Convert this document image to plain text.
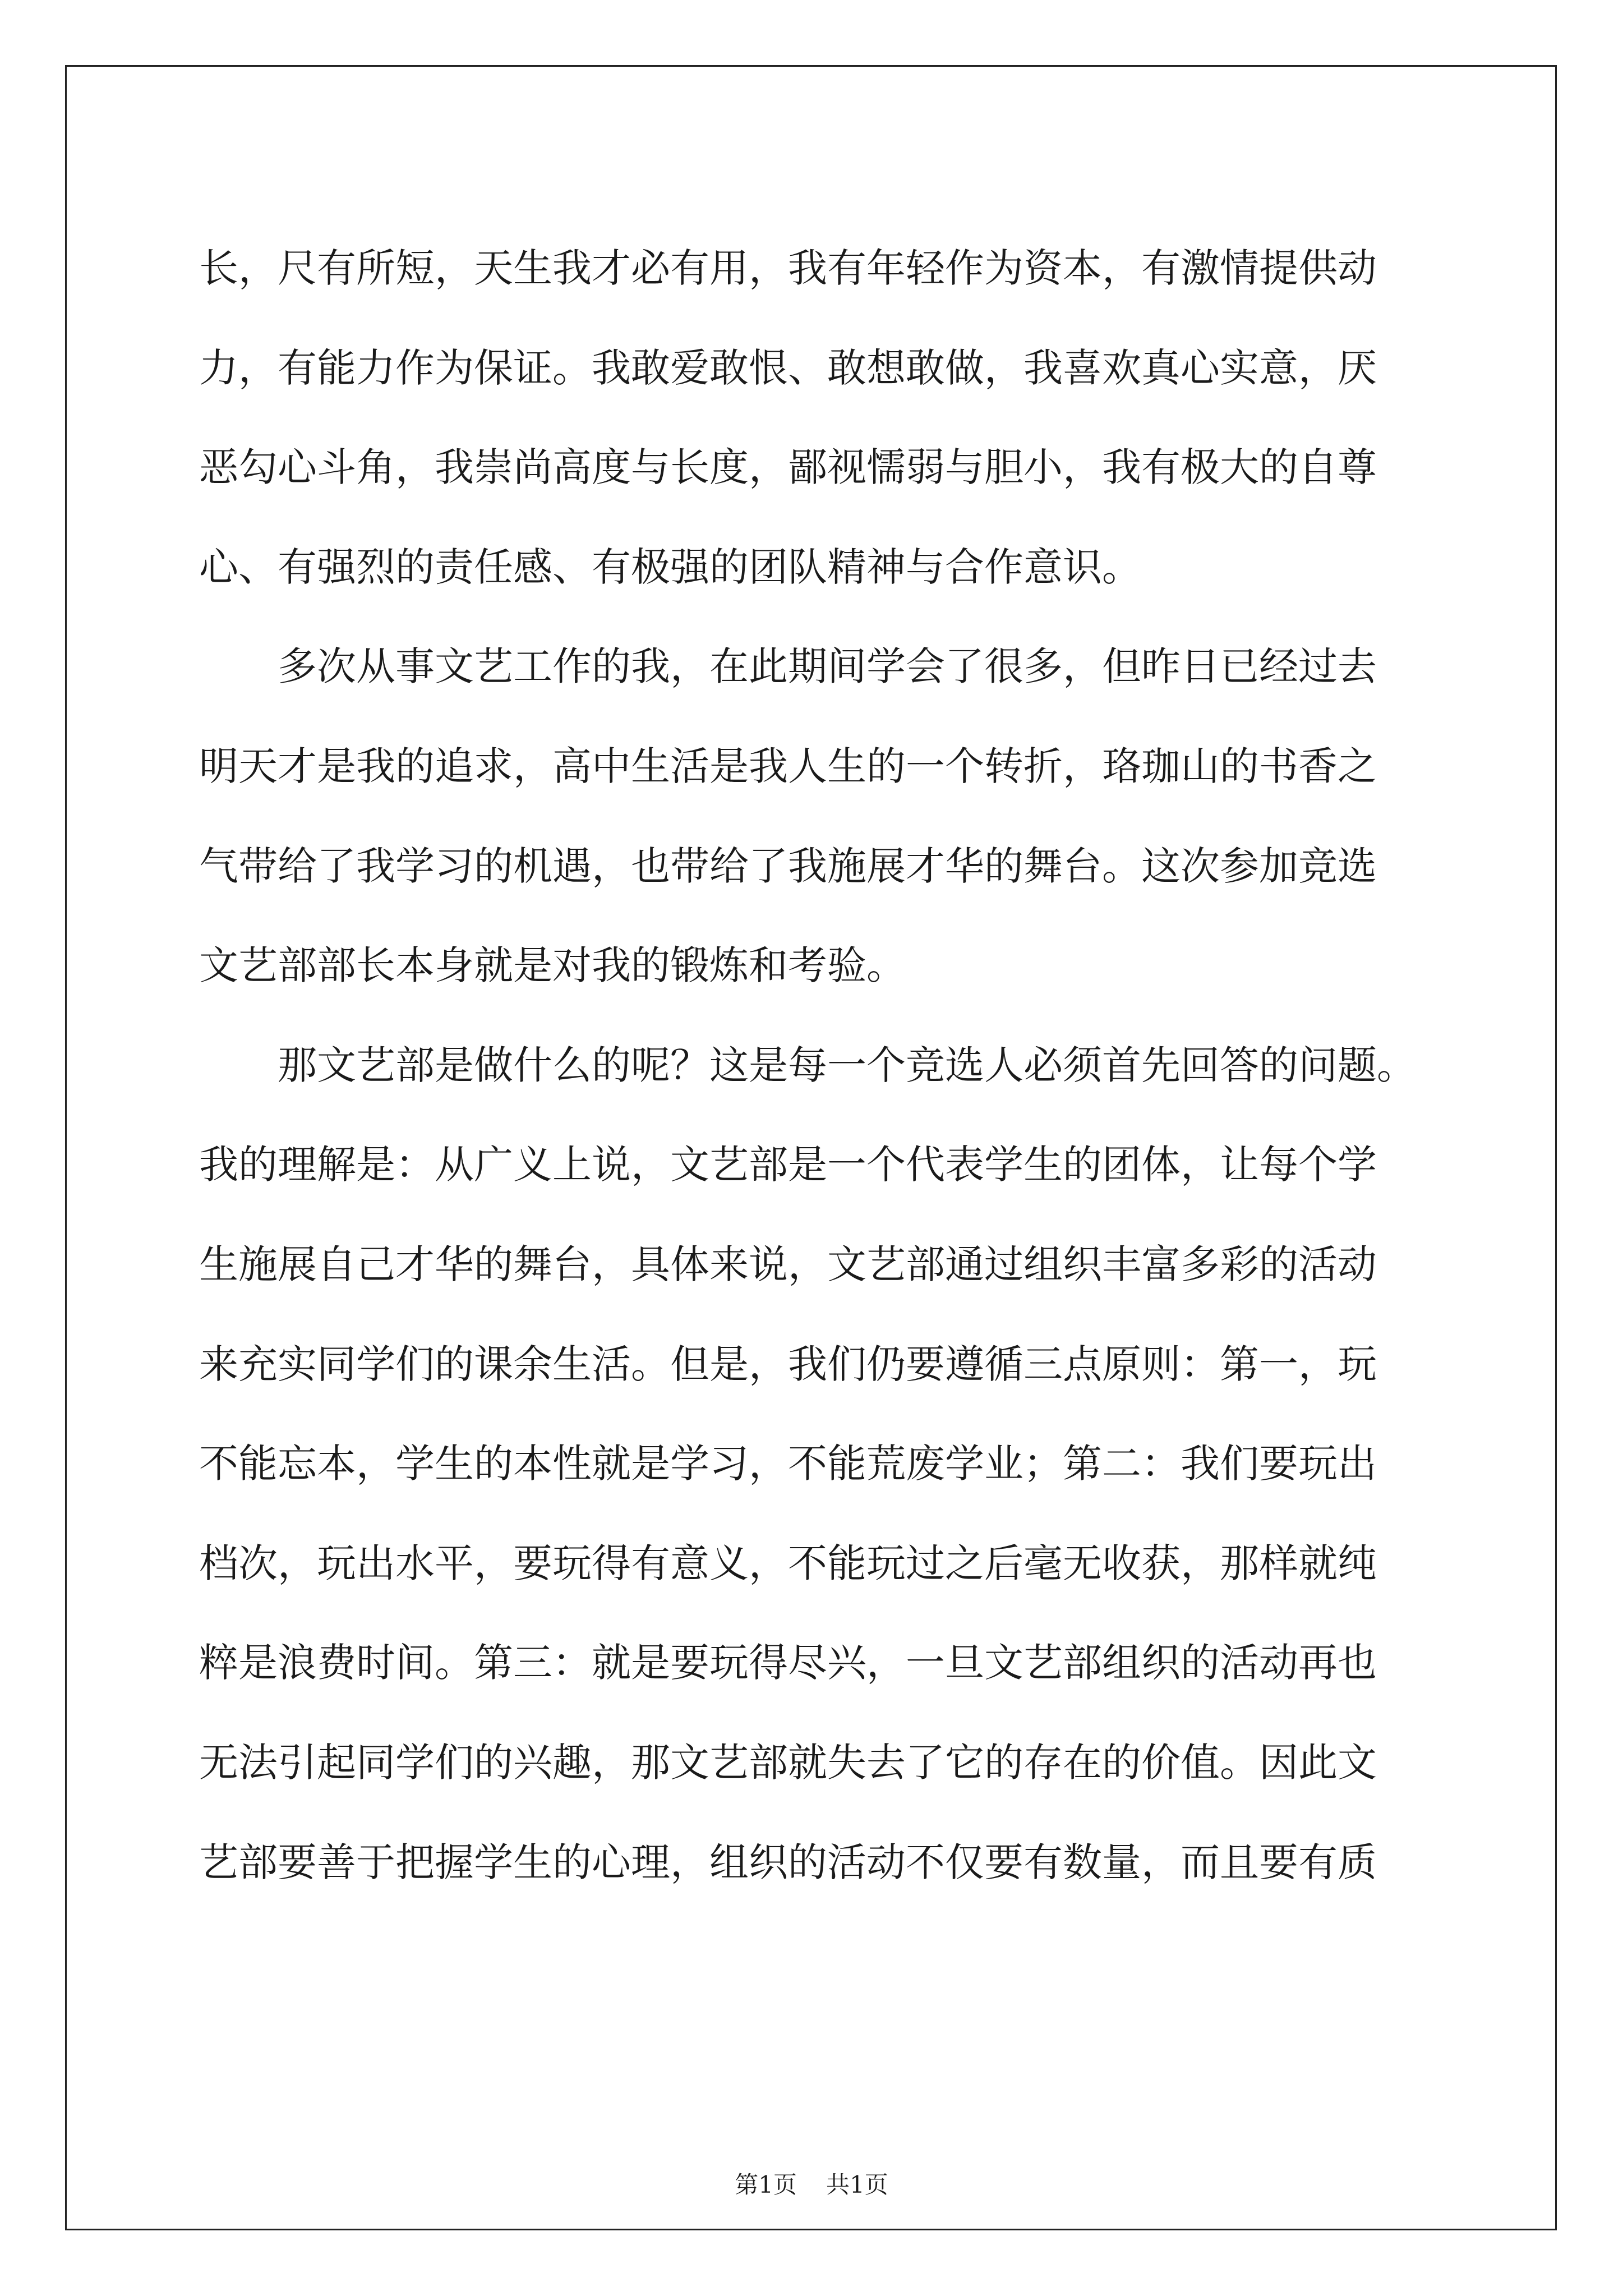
长，尺有所短，天生我才必有用，我有年轻作为资本，有激情提供动
力，有能力作为保证。我敢爱敢恨、敢想敢做，我喜欢真心实意，厌
恶勾心斗角，我崇尚高度与长度，鄙视懦弱与胆小，我有极大的自尊
心、有强烈的责任感、有极强的团队精神与合作意识。
多次从事文艺工作的我，在此期间学会了很多，但昨日已经过去
明天才是我的追求，高中生活是我人生的一个转折，珞珈山的书香之
气带给了我学习的机遇，也带给了我施展才华的舞台。这次参加竞选
文艺部部长本身就是对我的锻炼和考验。
那文艺部是做什么的呢？这是每一个竞选人必须首先回答的问题。
我的理解是：从广义上说，文艺部是一个代表学生的团体，让每个学
生施展自己才华的舞台，具体来说，文艺部通过组织丰富多彩的活动
来充实同学们的课余生活。但是，我们仍要遵循三点原则：第一，玩
不能忘本，学生的本性就是学习，不能荒废学业；第二：我们要玩出
档次，玩出水平，要玩得有意义，不能玩过之后毫无收获，那样就纯
粹是浪费时间。第三：就是要玩得尽兴，一旦文艺部组织的活动再也
无法引起同学们的兴趣，那文艺部就失去了它的存在的价值。因此文
艺部要善于把握学生的心理，组织的活动不仅要有数量，而且要有质
第1页 共1页
